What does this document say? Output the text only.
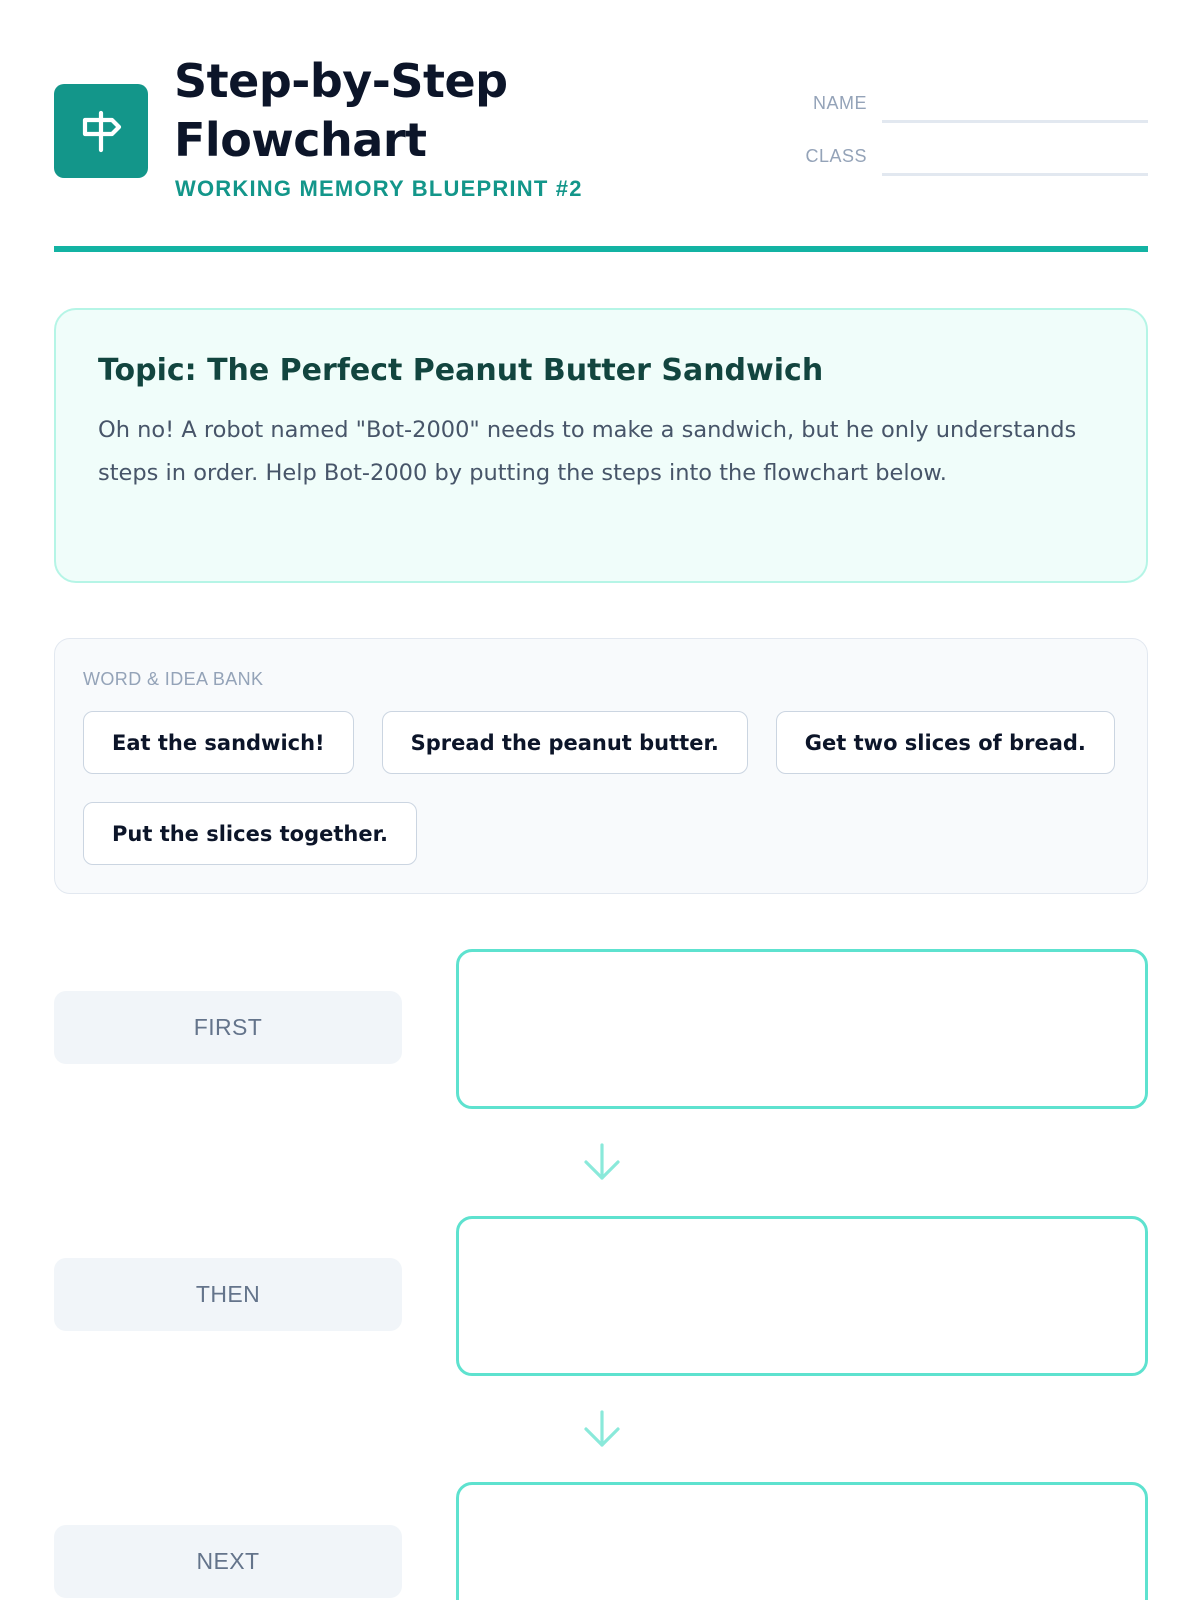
Step-by-Step
Flowchart
WORKING MEMORY BLUEPRINT #2
NAME
CLASS
Topic: The Perfect Peanut Butter Sandwich
Oh no! A robot named "Bot-2000" needs to make a sandwich, but he only understands steps in order. Help Bot-2000 by putting the steps into the flowchart below.
WORD & IDEA BANK
Eat the sandwich!	Spread the peanut butter.	Get two slices of bread.
Put the slices together.
FIRST
THEN
NEXT
